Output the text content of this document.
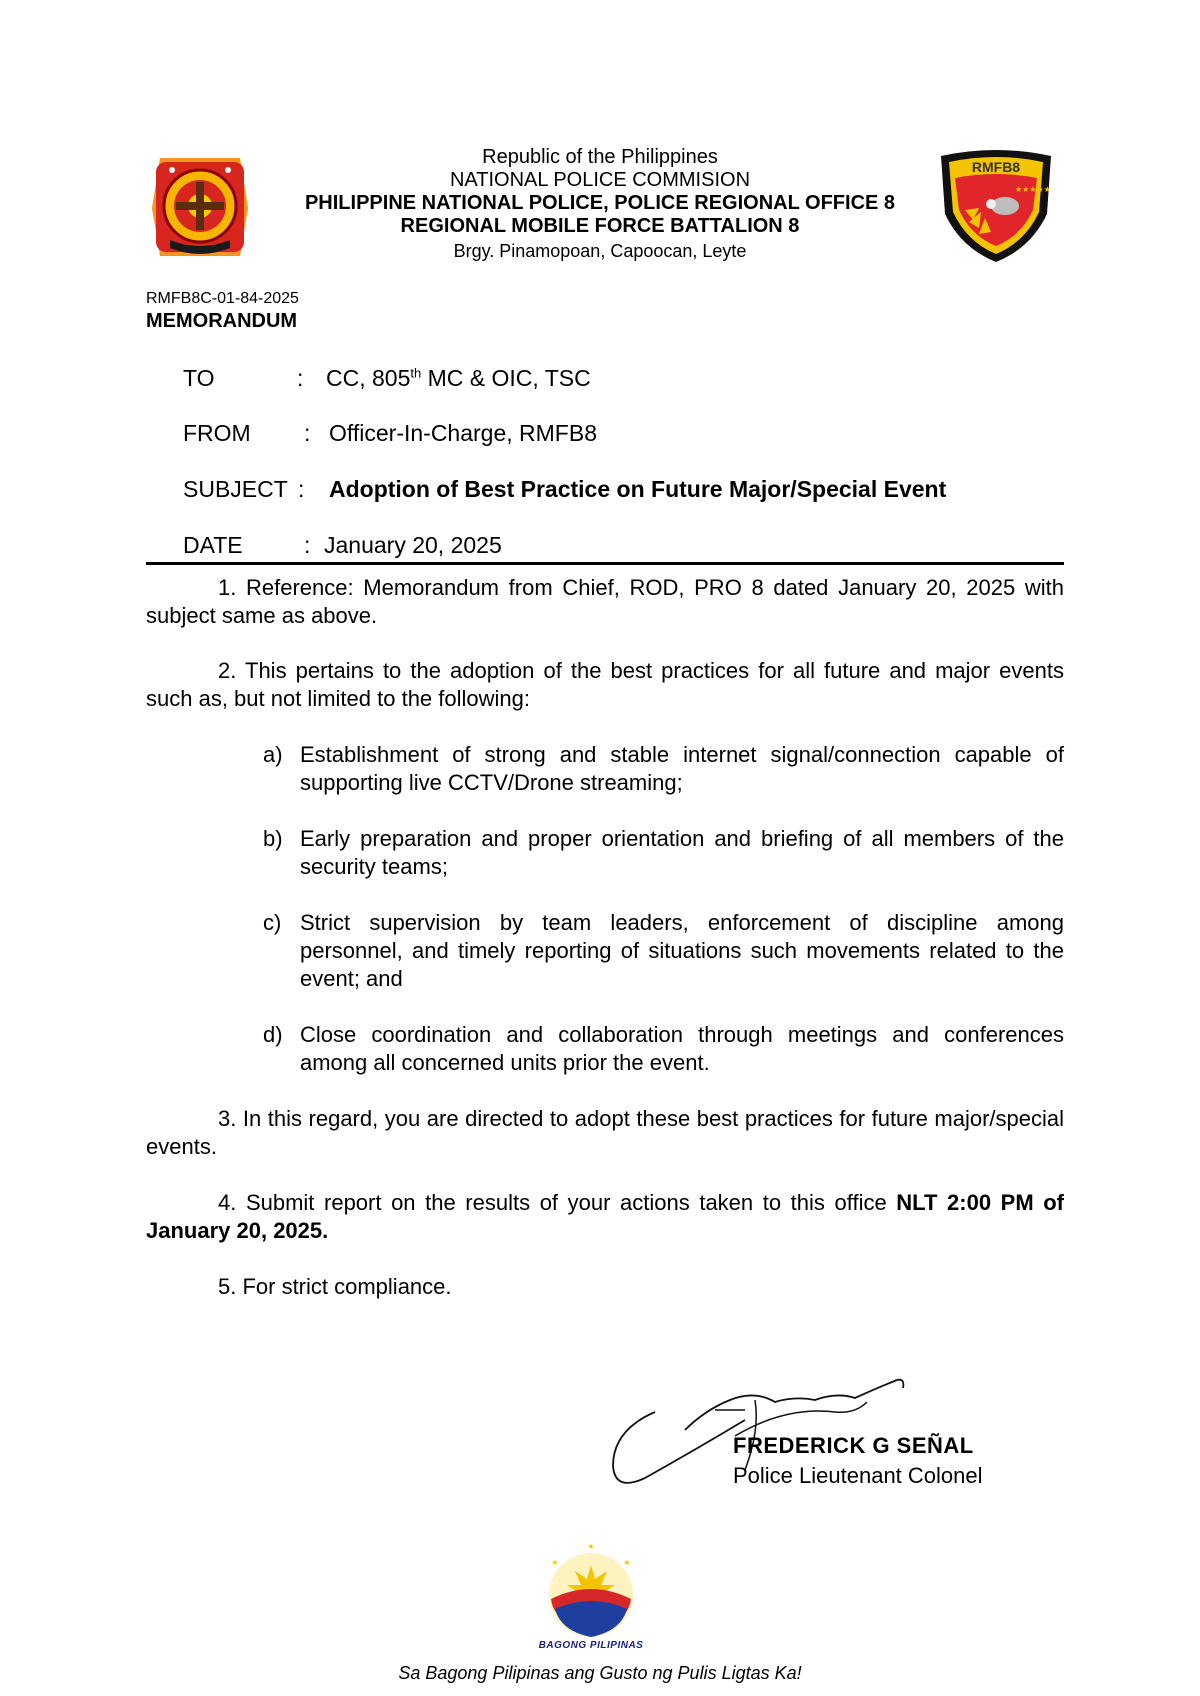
RMFB8
★★★★★
Republic of the Philippines
NATIONAL POLICE COMMISION
PHILIPPINE NATIONAL POLICE, POLICE REGIONAL OFFICE 8
REGIONAL MOBILE FORCE BATTALION 8
Brgy. Pinamopoan, Capoocan, Leyte
RMFB8C-01-84-2025
MEMORANDUM
TO	: CC, 805th MC & OIC, TSC
FROM : Officer-In-Charge, RMFB8
SUBJECT : Adoption of Best Practice on Future Major/Special Event
DATE	: January 20, 2025

1. Reference: Memorandum from Chief, ROD, PRO 8 dated January 20, 2025 with subject same as above.

2. This pertains to the adoption of the best practices for all future and major events such as, but not limited to the following:

a) Establishment of strong and stable internet signal/connection capable of supporting live CCTV/Drone streaming;
b) Early preparation and proper orientation and briefing of all members of the security teams;
c) Strict supervision by team leaders, enforcement of discipline among personnel, and timely reporting of situations such movements related to the event; and
d) Close coordination and collaboration through meetings and conferences among all concerned units prior the event.

3. In this regard, you are directed to adopt these best practices for future major/special events.

4. Submit report on the results of your actions taken to this office NLT 2:00 PM of January 20, 2025.

5. For strict compliance.

FREDERICK G SEÑAL
Police Lieutenant Colonel
★
★	★
BAGONG PILIPINAS
Sa Bagong Pilipinas ang Gusto ng Pulis Ligtas Ka!
